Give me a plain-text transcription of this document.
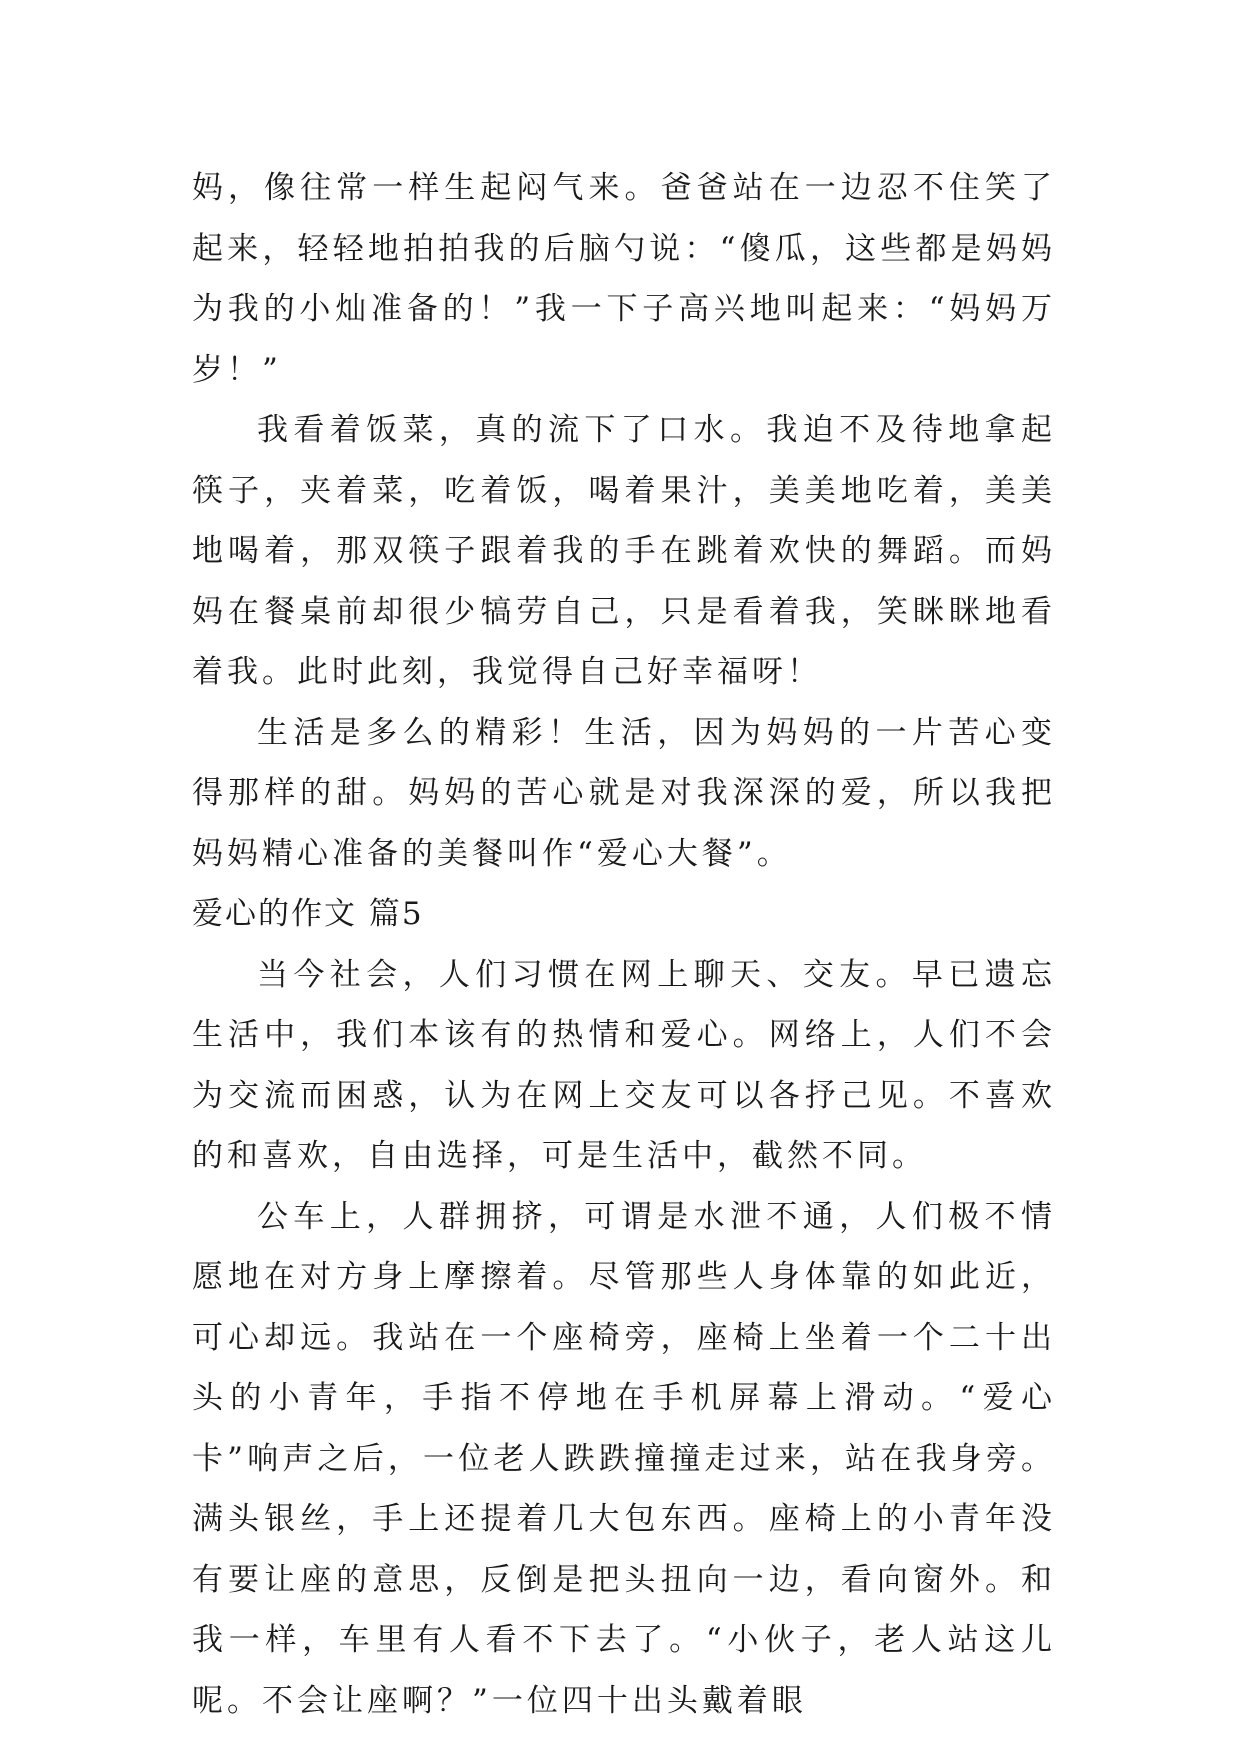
妈，像往常一样生起闷气来。爸爸站在一边忍不住笑了起来，轻轻地拍拍我的后脑勺说：“傻瓜，这些都是妈妈为我的小灿准备的！”我一下子高兴地叫起来：“妈妈万岁！”

我看着饭菜，真的流下了口水。我迫不及待地拿起筷子，夹着菜，吃着饭，喝着果汁，美美地吃着，美美地喝着，那双筷子跟着我的手在跳着欢快的舞蹈。而妈妈在餐桌前却很少犒劳自己，只是看着我，笑眯眯地看着我。此时此刻，我觉得自己好幸福呀！

生活是多么的精彩！生活，因为妈妈的一片苦心变得那样的甜。妈妈的苦心就是对我深深的爱，所以我把妈妈精心准备的美餐叫作“爱心大餐”。

爱心的作文 篇5

当今社会，人们习惯在网上聊天、交友。早已遗忘生活中，我们本该有的热情和爱心。网络上，人们不会为交流而困惑，认为在网上交友可以各抒己见。不喜欢的和喜欢，自由选择，可是生活中，截然不同。

公车上，人群拥挤，可谓是水泄不通，人们极不情愿地在对方身上摩擦着。尽管那些人身体靠的如此近，可心却远。我站在一个座椅旁，座椅上坐着一个二十出头的小青年，手指不停地在手机屏幕上滑动。“爱心卡”响声之后，一位老人跌跌撞撞走过来，站在我身旁。满头银丝，手上还提着几大包东西。座椅上的小青年没有要让座的意思，反倒是把头扭向一边，看向窗外。和我一样，车里有人看不下去了。“小伙子，老人站这儿呢。不会让座啊？”一位四十出头戴着眼
